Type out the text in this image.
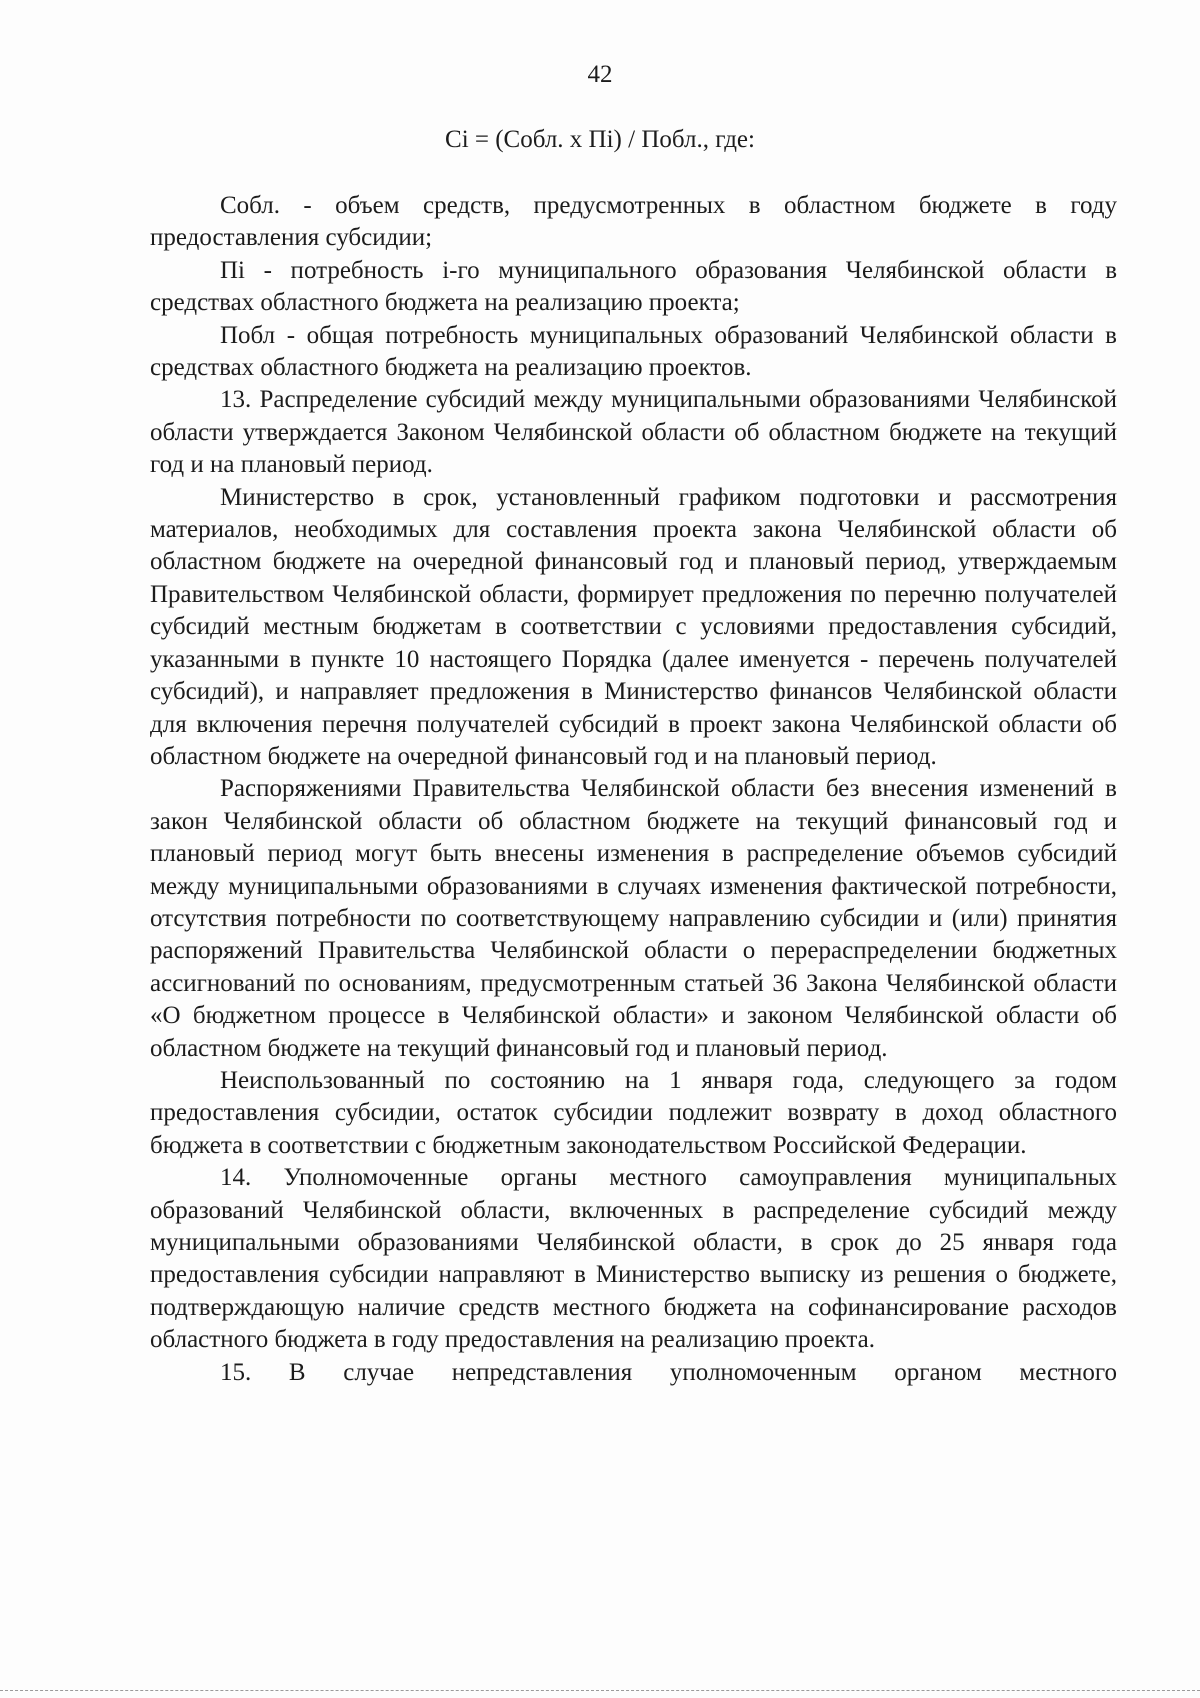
42
Ci = (Собл. x Пi) / Побл., где:

Собл. - объем средств, предусмотренных в областном бюджете в году предоставления субсидии;

Пi - потребность i-го муниципального образования Челябинской области в средствах областного бюджета на реализацию проекта;

Побл - общая потребность муниципальных образований Челябинской области в средствах областного бюджета на реализацию проектов.

13. Распределение субсидий между муниципальными образованиями Челябинской области утверждается Законом Челябинской области об областном бюджете на текущий год и на плановый период.

Министерство в срок, установленный графиком подготовки и рассмотрения материалов, необходимых для составления проекта закона Челябинской области об областном бюджете на очередной финансовый год и плановый период, утверждаемым Правительством Челябинской области, формирует предложения по перечню получателей субсидий местным бюджетам в соответствии с условиями предоставления субсидий, указанными в пункте 10 настоящего Порядка (далее именуется - перечень получателей субсидий), и направляет предложения в Министерство финансов Челябинской области для включения перечня получателей субсидий в проект закона Челябинской области об областном бюджете на очередной финансовый год и на плановый период.

Распоряжениями Правительства Челябинской области без внесения изменений в закон Челябинской области об областном бюджете на текущий финансовый год и плановый период могут быть внесены изменения в распределение объемов субсидий между муниципальными образованиями в случаях изменения фактической потребности, отсутствия потребности по соответствующему направлению субсидии и (или) принятия распоряжений Правительства Челябинской области о перераспределении бюджетных ассигнований по основаниям, предусмотренным статьей 36 Закона Челябинской области «О бюджетном процессе в Челябинской области» и законом Челябинской области об областном бюджете на текущий финансовый год и плановый период.

Неиспользованный по состоянию на 1 января года, следующего за годом предоставления субсидии, остаток субсидии подлежит возврату в доход областного бюджета в соответствии с бюджетным законодательством Российской Федерации.

14. Уполномоченные органы местного самоуправления муниципальных образований Челябинской области, включенных в распределение субсидий между муниципальными образованиями Челябинской области, в срок до 25 января года предоставления субсидии направляют в Министерство выписку из решения о бюджете, подтверждающую наличие средств местного бюджета на софинансирование расходов областного бюджета в году предоставления на реализацию проекта.

15. В случае непредставления уполномоченным органом местного
